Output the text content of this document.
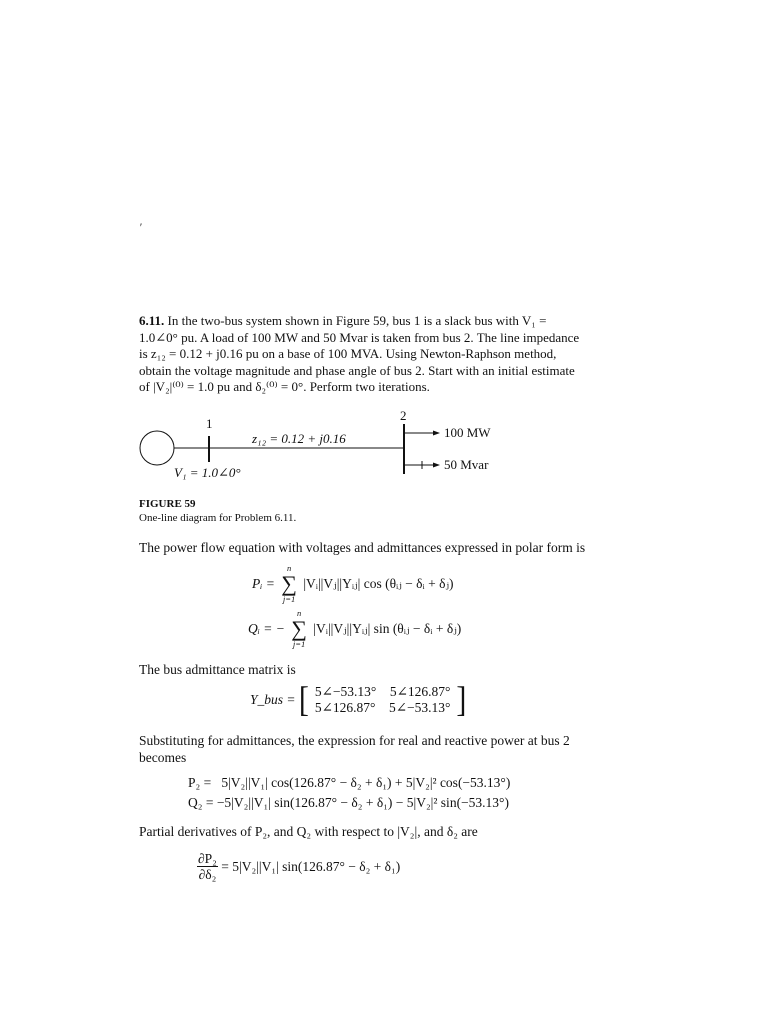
′

6.11. In the two-bus system shown in Figure 59, bus 1 is a slack bus with V₁ =

1.0∠0° pu. A load of 100 MW and 50 Mvar is taken from bus 2. The line impedance

is z₁₂ = 0.12 + j0.16 pu on a base of 100 MVA. Using Newton-Raphson method,

obtain the voltage magnitude and phase angle of bus 2. Start with an initial estimate

of |V₂|⁽⁰⁾ = 1.0 pu and δ₂⁽⁰⁾ = 0°. Perform two iterations.

1
2
z₁₂ = 0.12 + j0.16
V₁ = 1.0∠0°
100 MW
50 Mvar
FIGURE 59
One-line diagram for Problem 6.11.
The power flow equation with voltages and admittances expressed in polar form is
Pᵢ =
n
∑
j=1
|Vᵢ||Vⱼ||Yᵢⱼ| cos (θᵢⱼ − δᵢ + δⱼ)
Qᵢ = −
n
∑
j=1
|Vᵢ||Vⱼ||Yᵢⱼ| sin (θᵢⱼ − δᵢ + δⱼ)
The bus admittance matrix is
Y_bus = [ 5∠−53.13°    5∠126.87°
5∠126.87°    5∠−53.13° ]
Substituting for admittances, the expression for real and reactive power at bus 2 becomes
P₂ =   5|V₂||V₁| cos(126.87° − δ₂ + δ₁) + 5|V₂|² cos(−53.13°)
Q₂ = −5|V₂||V₁| sin(126.87° − δ₂ + δ₁) − 5|V₂|² sin(−53.13°)
Partial derivatives of P₂, and Q₂ with respect to |V₂|, and δ₂ are
$\frac{\text{∂P₂}}{\text{∂δ₂}} = 5|V_2||V_1|$ sin(126.87° − δ₂ + δ₁)
